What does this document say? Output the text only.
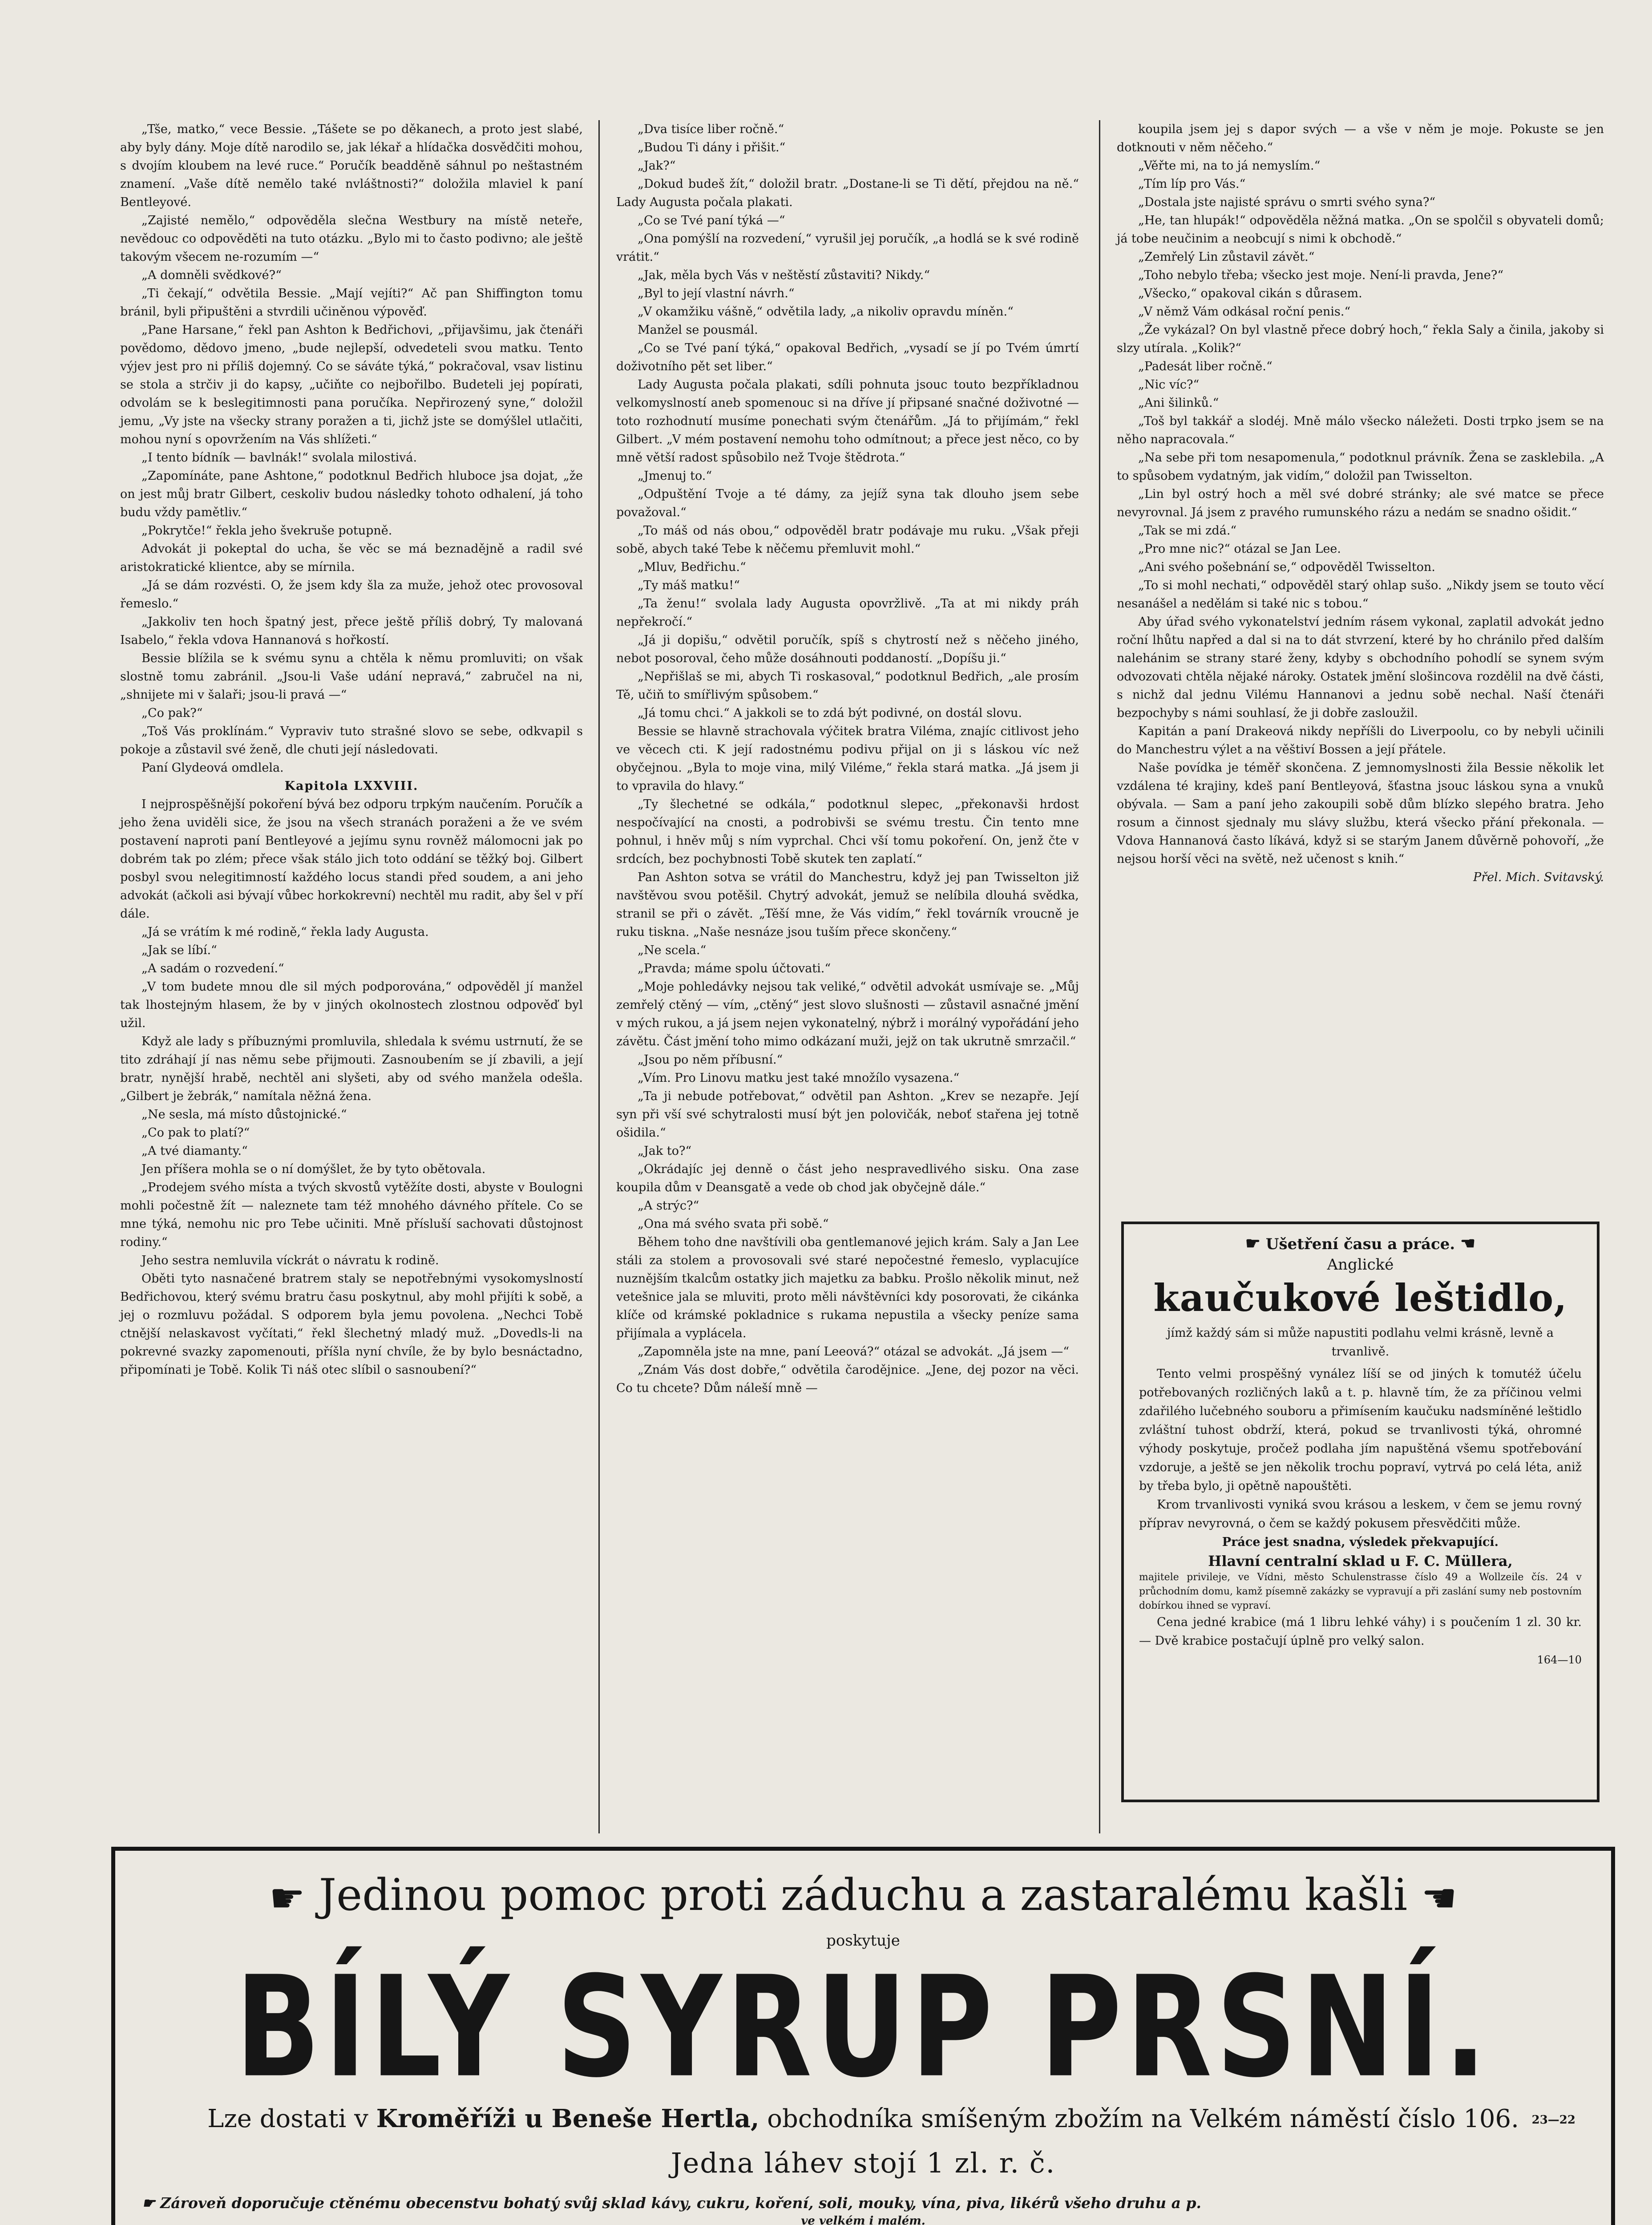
„Tše, matko,“ vece Bessie. „Tášete se po děkanech, a proto jest slabé, aby byly dány. Moje dítě narodilo se, jak lékař a hlídačka dosvědčiti mohou, s dvojím kloubem na levé ruce.“ Poručík beadděně sáhnul po neštastném znamení. „Vaše dítě nemělo také nvláštnosti?“ doložila mlaviel k paní Bentleyové.

„Zajisté nemělo,“ odpověděla slečna Westbury na místě neteře, nevědouc co odpověděti na tuto otázku. „Bylo mi to často podivno; ale ještě takovým všecem ne-rozumím —“

„A domněli svědkové?“

„Ti čekají,“ odvětila Bessie. „Mají vejíti?“ Ač pan Shiffington tomu bránil, byli připuštěni a stvrdili učiněnou výpověď.

„Pane Harsane,“ řekl pan Ashton k Bedřichovi, „přijavšimu, jak čtenáři povědomo, dědovo jmeno, „bude nejlepší, odvedeteli svou matku. Tento výjev jest pro ni příliš dojemný. Co se sáváte týká,“ pokračoval, vsav listinu se stola a strčiv ji do kapsy, „učiňte co nejbořilbo. Budeteli jej popírati, odvolám se k beslegitimnosti pana poručíka. Nepřirozený syne,“ doložil jemu, „Vy jste na všecky strany poražen a ti, jichž jste se domýšlel utlačiti, mohou nyní s opovržením na Vás shlížeti.“

„I tento bídník — bavlnák!“ svolala milostivá.

„Zapomínáte, pane Ashtone,“ podotknul Bedřich hluboce jsa dojat, „že on jest můj bratr Gilbert, ceskoliv budou následky tohoto odhalení, já toho budu vždy pamětliv.“

„Pokrytče!“ řekla jeho švekruše potupně.

Advokát ji pokeptal do ucha, še věc se má beznadějně a radil své aristokratické klientce, aby se mírnila.

„Já se dám rozvésti. O, že jsem kdy šla za muže, jehož otec provosoval řemeslo.“

„Jakkoliv ten hoch špatný jest, přece ještě příliš dobrý, Ty malovaná Isabelo,“ řekla vdova Hannanová s hořkostí.

Bessie blížila se k svému synu a chtěla k němu promluviti; on však slostně tomu zabránil. „Jsou-li Vaše udání nepravá,“ zabručel na ni, „shnijete mi v šalaři; jsou-li pravá —“

„Co pak?“

„Toš Vás proklínám.“ Vypraviv tuto strašné slovo se sebe, odkvapil s pokoje a zůstavil své ženě, dle chuti její následovati.

Paní Glydeová omdlela.

Kapitola LXXVIII.

I nejprospěšnější pokoření bývá bez odporu trpkým naučením. Poručík a jeho žena uviděli sice, že jsou na všech stranách poraženi a že ve svém postavení naproti paní Bentleyové a jejímu synu rovněž málomocni jak po dobrém tak po zlém; přece však stálo jich toto oddání se těžký boj. Gilbert posbyl svou nelegitimností každého locus standi před soudem, a ani jeho advokát (ačkoli asi bývají vůbec horkokrevní) nechtěl mu radit, aby šel v pří dále.

„Já se vrátím k mé rodině,“ řekla lady Augusta.

„Jak se líbí.“

„A sadám o rozvedení.“

„V tom budete mnou dle sil mých podporována,“ odpověděl jí manžel tak lhostejným hlasem, že by v jiných okolnostech zlostnou odpověď byl užil.

Když ale lady s příbuznými promluvila, shledala k svému ustrnutí, že se tito zdráhají jí nas němu sebe přijmouti. Zasnoubením se jí zbavili, a její bratr, nynější hrabě, nechtěl ani slyšeti, aby od svého manžela odešla. „Gilbert je žebrák,“ namítala něžná žena.

„Ne sesla, má místo důstojnické.“

„Co pak to platí?“

„A tvé diamanty.“

Jen příšera mohla se o ní domýšlet, že by tyto obětovala.

„Prodejem svého místa a tvých skvostů vytěžíte dosti, abyste v Boulogni mohli počestně žít — naleznete tam též mnohého dávného přítele. Co se mne týká, nemohu nic pro Tebe učiniti. Mně přísluší sachovati důstojnost rodiny.“

Jeho sestra nemluvila víckrát o návratu k rodině.

Oběti tyto nasnačené bratrem staly se nepotřebnými vysokomyslností Bedřichovou, který svému bratru času poskytnul, aby mohl přijíti k sobě, a jej o rozmluvu požádal. S odporem byla jemu povolena. „Nechci Tobě ctnější nelaskavost vyčítati,“ řekl šlechetný mladý muž. „Dovedls-li na pokrevné svazky zapomenouti, příšla nyní chvíle, že by bylo besnáctadno, připomínati je Tobě. Kolik Ti náš otec slíbil o sasnoubení?“

„Dva tisíce liber ročně.“

„Budou Ti dány i přišit.“

„Jak?“

„Dokud budeš žít,“ doložil bratr. „Dostane-li se Ti dětí, přejdou na ně.“ Lady Augusta počala plakati.

„Co se Tvé paní týká —“

„Ona pomýšlí na rozvedení,“ vyrušil jej poručík, „a hodlá se k své rodině vrátit.“

„Jak, měla bych Vás v neštěstí zůstaviti? Nikdy.“

„Byl to její vlastní návrh.“

„V okamžiku vášně,“ odvětila lady, „a nikoliv opravdu míněn.“

Manžel se pousmál.

„Co se Tvé paní týká,“ opakoval Bedřich, „vysadí se jí po Tvém úmrtí doživotního pět set liber.“

Lady Augusta počala plakati, sdíli pohnuta jsouc touto bezpříkladnou velkomyslností aneb spomenouc si na dříve jí připsané snačné doživotné — toto rozhodnutí musíme ponechati svým čtenářům. „Já to přijímám,“ řekl Gilbert. „V mém postavení nemohu toho odmítnout; a přece jest něco, co by mně větší radost spůsobilo než Tvoje štědrota.“

„Jmenuj to.“

„Odpuštění Tvoje a té dámy, za jejíž syna tak dlouho jsem sebe považoval.“

„To máš od nás obou,“ odpověděl bratr podávaje mu ruku. „Však přeji sobě, abych také Tebe k něčemu přemluvit mohl.“

„Mluv, Bedřichu.“

„Ty máš matku!“

„Ta ženu!“ svolala lady Augusta opovržlivě. „Ta at mi nikdy práh nepřekročí.“

„Já ji dopišu,“ odvětil poručík, spíš s chytrostí než s něčeho jiného, nebot posoroval, čeho může dosáhnouti poddaností. „Dopíšu ji.“

„Nepřišlaš se mi, abych Ti roskasoval,“ podotknul Bedřich, „ale prosím Tě, učiň to smířlivým spůsobem.“

„Já tomu chci.“ A jakkoli se to zdá být podivné, on dostál slovu.

Bessie se hlavně strachovala výčitek bratra Viléma, znajíc citlivost jeho ve věcech cti. K její radostnému podivu přijal on ji s láskou víc než obyčejnou. „Byla to moje vina, milý Viléme,“ řekla stará matka. „Já jsem ji to vpravila do hlavy.“

„Ty šlechetné se odkála,“ podotknul slepec, „překonavši hrdost nespočívající na cnosti, a podrobivši se svému trestu. Čin tento mne pohnul, i hněv můj s ním vyprchal. Chci vší tomu pokoření. On, jenž čte v srdcích, bez pochybnosti Tobě skutek ten zaplatí.“

Pan Ashton sotva se vrátil do Manchestru, když jej pan Twisselton již navštěvou svou potěšil. Chytrý advokát, jemuž se nelíbila dlouhá svědka, stranil se při o závět. „Těší mne, že Vás vidím,“ řekl továrník vroucně je ruku tiskna. „Naše nesnáze jsou tuším přece skončeny.“

„Ne scela.“

„Pravda; máme spolu účtovati.“

„Moje pohledávky nejsou tak veliké,“ odvětil advokát usmívaje se. „Můj zemřelý ctěný — vím, „ctěný“ jest slovo slušnosti — zůstavil asnačné jmění v mých rukou, a já jsem nejen vykonatelný, nýbrž i morálný vypořádání jeho závětu. Část jmění toho mimo odkázaní muži, jejž on tak ukrutně smrzačil.“

„Jsou po něm příbusní.“

„Vím. Pro Linovu matku jest také množílo vysazena.“

„Ta ji nebude potřebovat,“ odvětil pan Ashton. „Krev se nezapře. Její syn při vší své schytralosti musí být jen polovičák, neboť stařena jej totně ošidila.“

„Jak to?“

„Okrádajíc jej denně o část jeho nespravedlivého sisku. Ona zase koupila dům v Deansgatě a vede ob chod jak obyčejně dále.“

„A strýc?“

„Ona má svého svata při sobě.“

Během toho dne navštívili oba gentlemanové jejich krám. Saly a Jan Lee stáli za stolem a provosovali své staré nepočestné řemeslo, vyplacujíce nuznějším tkalcům ostatky jich majetku za babku. Prošlo několik minut, než vetešnice jala se mluviti, proto měli návštěvníci kdy posorovati, že cikánka klíče od krámské pokladnice s rukama nepustila a všecky peníze sama přijímala a vyplácela.

„Zapomněla jste na mne, paní Leeová?“ otázal se advokát. „Já jsem —“

„Znám Vás dost dobře,“ odvětila čarodějnice. „Jene, dej pozor na věci. Co tu chcete? Dům náleší mně —

koupila jsem jej s dapor svých — a vše v něm je moje. Pokuste se jen dotknouti v něm něčeho.“

„Věřte mi, na to já nemyslím.“

„Tím líp pro Vás.“

„Dostala jste najisté správu o smrti svého syna?“

„He, tan hlupák!“ odpověděla něžná matka. „On se spolčil s obyvateli domů; já tobe neučinim a neobcují s nimi k obchodě.“

„Zemřelý Lin zůstavil závět.“

„Toho nebylo třeba; všecko jest moje. Není-li pravda, Jene?“

„Všecko,“ opakoval cikán s důrasem.

„V němž Vám odkásal roční penis.“

„Že vykázal? On byl vlastně přece dobrý hoch,“ řekla Saly a činila, jakoby si slzy utírala. „Kolik?“

„Padesát liber ročně.“

„Nic víc?“

„Ani šilinků.“

„Toš byl takkář a slodéj. Mně málo všecko náležeti. Dosti trpko jsem se na něho napracovala.“

„Na sebe při tom nesapomenula,“ podotknul právník. Žena se zasklebila. „A to spůsobem vydatným, jak vidím,“ doložil pan Twisselton.

„Lin byl ostrý hoch a měl své dobré stránky; ale své matce se přece nevyrovnal. Já jsem z pravého rumunského rázu a nedám se snadno ošidit.“

„Tak se mi zdá.“

„Pro mne nic?“ otázal se Jan Lee.

„Ani svého pošebnání se,“ odpověděl Twisselton.

„To si mohl nechati,“ odpověděl starý ohlap sušo. „Nikdy jsem se touto věcí nesanášel a nedělám si také nic s tobou.“

Aby úřad svého vykonatelství jedním rásem vykonal, zaplatil advokát jedno roční lhůtu napřed a dal si na to dát stvrzení, které by ho chránilo před dalším nalehánim se strany staré ženy, kdyby s obchodního pohodlí se synem svým odvozovati chtěla nějaké nároky. Ostatek jmění slošincova rozdělil na dvě části, s nichž dal jednu Vilému Hannanovi a jednu sobě nechal. Naší čtenáři bezpochyby s námi souhlasí, že ji dobře zasloužil.

Kapitán a paní Drakeová nikdy nepříšli do Liverpoolu, co by nebyli učinili do Manchestru výlet a na věštiví Bossen a její přátele.

Naše povídka je téměř skončena. Z jemnomyslnosti žila Bessie několik let vzdálena té krajiny, kdeš paní Bentleyová, šťastna jsouc láskou syna a vnuků obývala. — Sam a paní jeho zakoupili sobě dům blízko slepého bratra. Jeho rosum a činnost sjednaly mu slávy službu, která všecko přání překonala. — Vdova Hannanová často líkává, když si se starým Janem důvěrně pohovoří, „že nejsou horší věci na světě, než učenost s knih.“

Přel. Mich. Svitavský.

☛ Ušetření času a práce. ☚
Anglické
kaučukové leštidlo,
jímž každý sám si může napustiti podlahu velmi krásně, levně a trvanlivě.

Tento velmi prospěšný vynález líší se od jiných k tomutéž účelu potřebovaných rozličných laků a t. p. hlavně tím, že za příčinou velmi zdařilého lučebného souboru a přimísením kaučuku nadsmíněné leštidlo zvláštní tuhost obdrží, která, pokud se trvanlivosti týká, ohromné výhody poskytuje, pročež podlaha jím napuštěná všemu spotřebování vzdoruje, a ještě se jen několik trochu popraví, vytrvá po celá léta, aniž by třeba bylo, ji opětně napouštěti.

Krom trvanlivosti vyniká svou krásou a leskem, v čem se jemu rovný příprav nevyrovná, o čem se každý pokusem přesvědčiti může.

Práce jest snadna, výsledek překvapující.
Hlavní centralní sklad u F. C. Müllera,
majitele privileje, ve Vídni, město Schulenstrasse číslo 49 a Wollzeile čís. 24 v průchodním domu, kamž písemně zakázky se vypravují a při zaslání sumy neb postovním dobírkou ihned se vypraví.
Cena jedné krabice (má 1 libru lehké váhy) i s poučením 1 zl. 30 kr. — Dvě krabice postačují úplně pro velký salon.
164—10
☛ Jedinou pomoc proti záduchu a zastaralému kašli ☚
poskytuje
BÍLÝ SYRUP PRSNÍ.
23—22
Lze dostati v Kroměříži u Beneše Hertla, obchodníka smíšeným zbožím na Velkém náměstí číslo 106.
Jedna láhev stojí 1 zl. r. č.
☛ Zároveň doporučuje ctěnému obecenstvu bohatý svůj sklad kávy, cukru, koření, soli, mouky, vína, piva, likérů všeho druhu a p.
ve velkém i malém.
